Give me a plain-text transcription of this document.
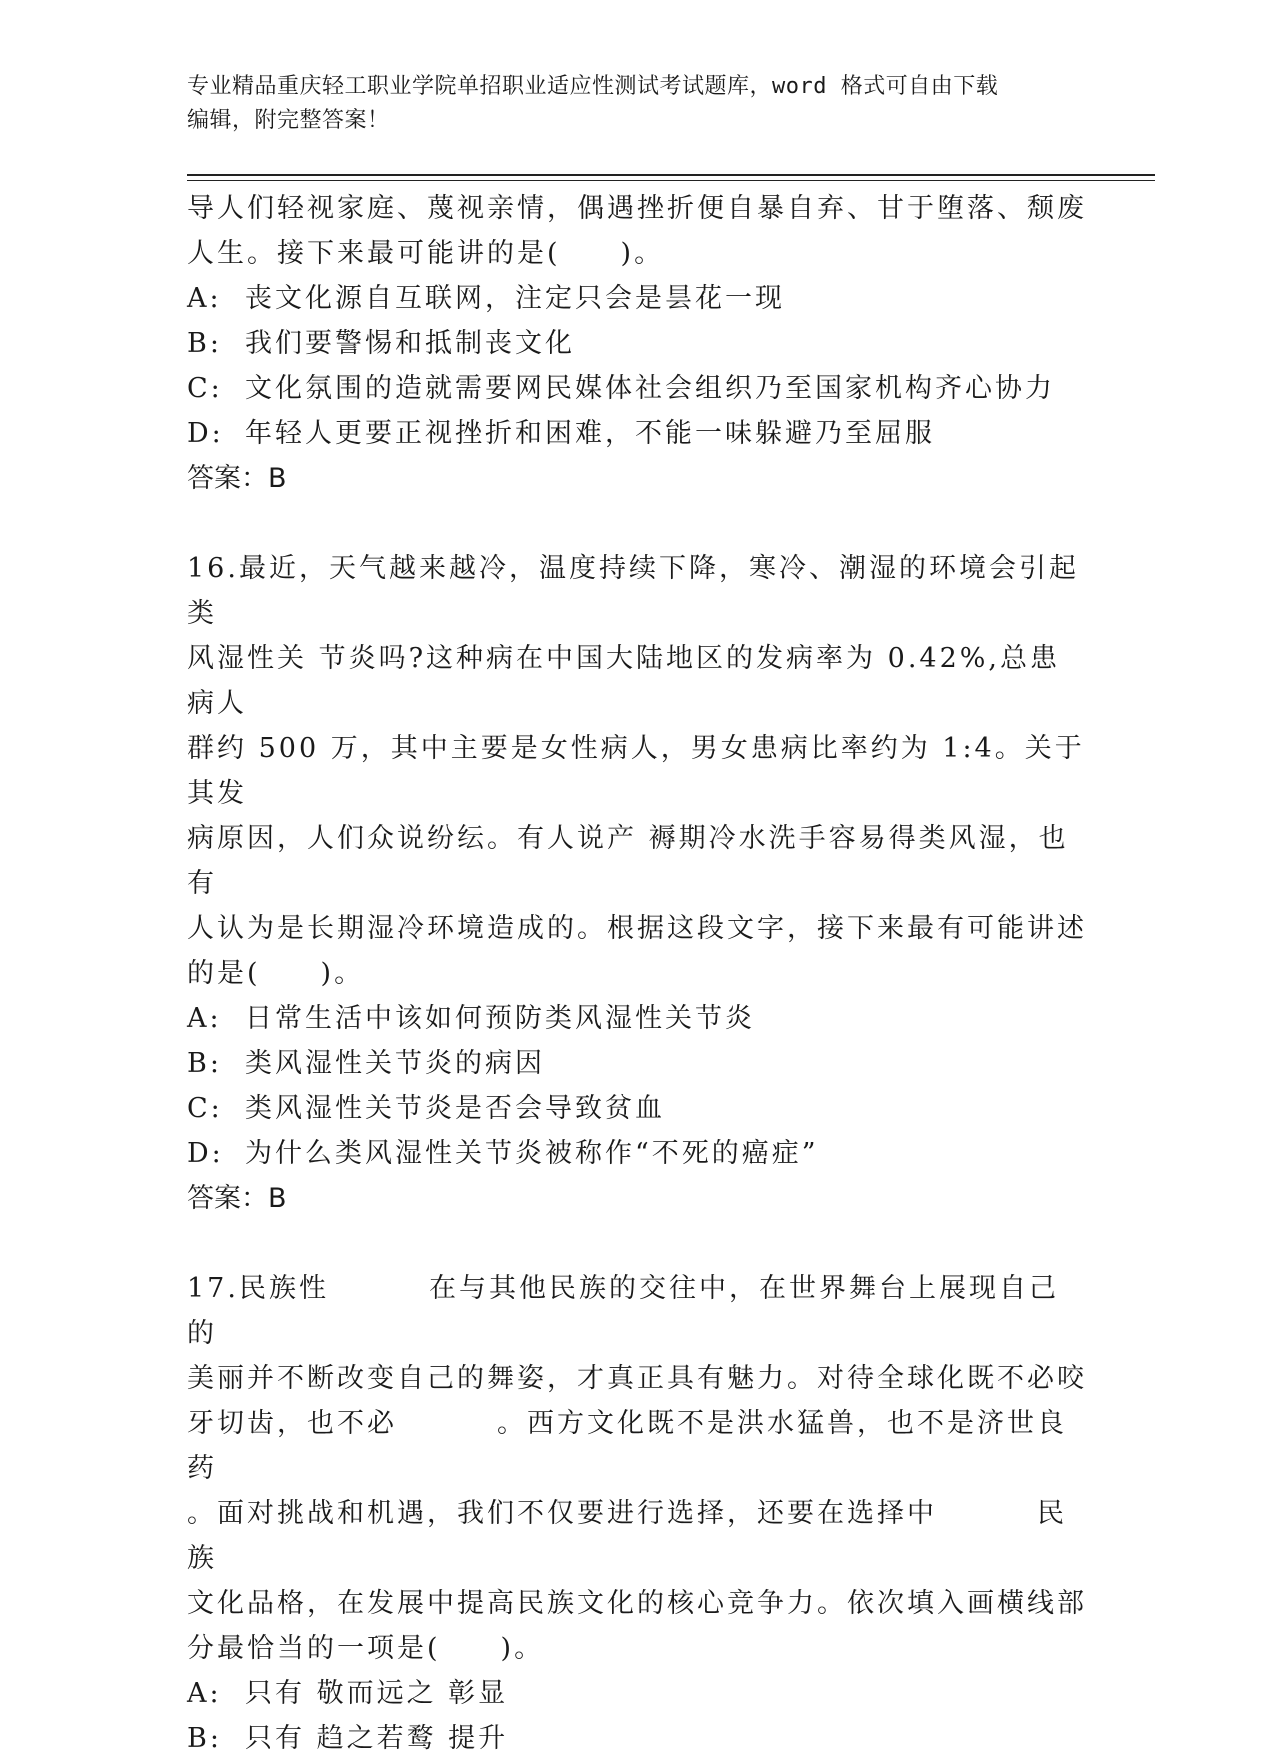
专业精品重庆轻工职业学院单招职业适应性测试考试题库，word 格式可自由下载
编辑，附完整答案！

导人们轻视家庭、蔑视亲情，偶遇挫折便自暴自弃、甘于堕落、颓废

人生。接下来最可能讲的是(　　)。

A: 丧文化源自互联网，注定只会是昙花一现
B: 我们要警惕和抵制丧文化
C: 文化氛围的造就需要网民媒体社会组织乃至国家机构齐心协力
D: 年轻人更要正视挫折和困难，不能一味躲避乃至屈服

答案：B

16.最近，天气越来越冷，温度持续下降，寒冷、潮湿的环境会引起类

风湿性关 节炎吗?这种病在中国大陆地区的发病率为 0.42%,总患病人

群约 500 万，其中主要是女性病人，男女患病比率约为 1:4。关于其发

病原因，人们众说纷纭。有人说产 褥期冷水洗手容易得类风湿，也有

人认为是长期湿冷环境造成的。根据这段文字，接下来最有可能讲述

的是(　　)。

A: 日常生活中该如何预防类风湿性关节炎
B: 类风湿性关节炎的病因
C: 类风湿性关节炎是否会导致贫血
D: 为什么类风湿性关节炎被称作“不死的癌症”

答案：B

17.民族性	在与其他民族的交往中，在世界舞台上展现自己的

美丽并不断改变自己的舞姿，才真正具有魅力。对待全球化既不必咬

牙切齿，也不必	。西方文化既不是洪水猛兽，也不是济世良药

。面对挑战和机遇，我们不仅要进行选择，还要在选择中	民族

文化品格，在发展中提高民族文化的核心竞争力。依次填入画横线部

分最恰当的一项是(　　)。

A: 只有 敬而远之 彰显
B: 只有 趋之若鹜 提升
